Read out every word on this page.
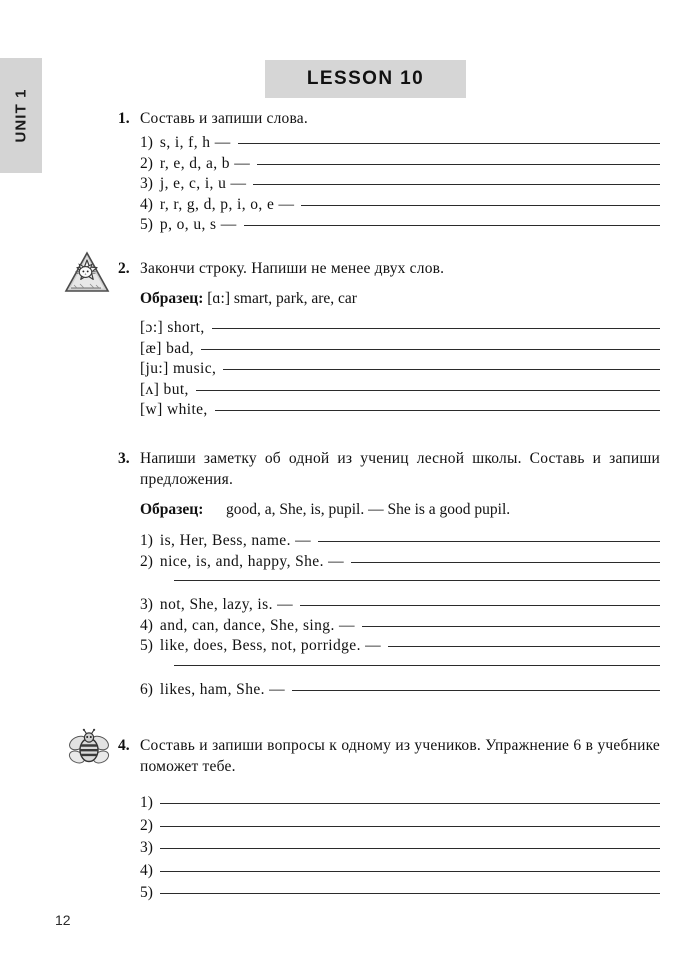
UNIT 1
LESSON 10
1. Составь и запиши слова.
1) s, i, f, h —
2) r, e, d, a, b —
3) j, e, c, i, u —
4) r, r, g, d, p, i, o, e —
5) p, o, u, s —
2. Закончи строку. Напиши не менее двух слов.
Образец: [ɑ:] smart, park, are, car
[ɔ:] short,
[æ] bad,
[ju:] music,
[ʌ] but,
[w] white,
3. Напиши заметку об одной из учениц лесной школы. Составь и запиши предложения.
Образец:	good, a, She, is, pupil. — She is a good pupil.
1) is, Her, Bess, name. —
2) nice, is, and, happy, She. —
3) not, She, lazy, is. —
4) and, can, dance, She, sing. —
5) like, does, Bess, not, porridge. —
6) likes, ham, She. —
4. Составь и запиши вопросы к одному из учеников. Упражнение 6 в учебнике поможет тебе.
1)
2)
3)
4)
5)
12
